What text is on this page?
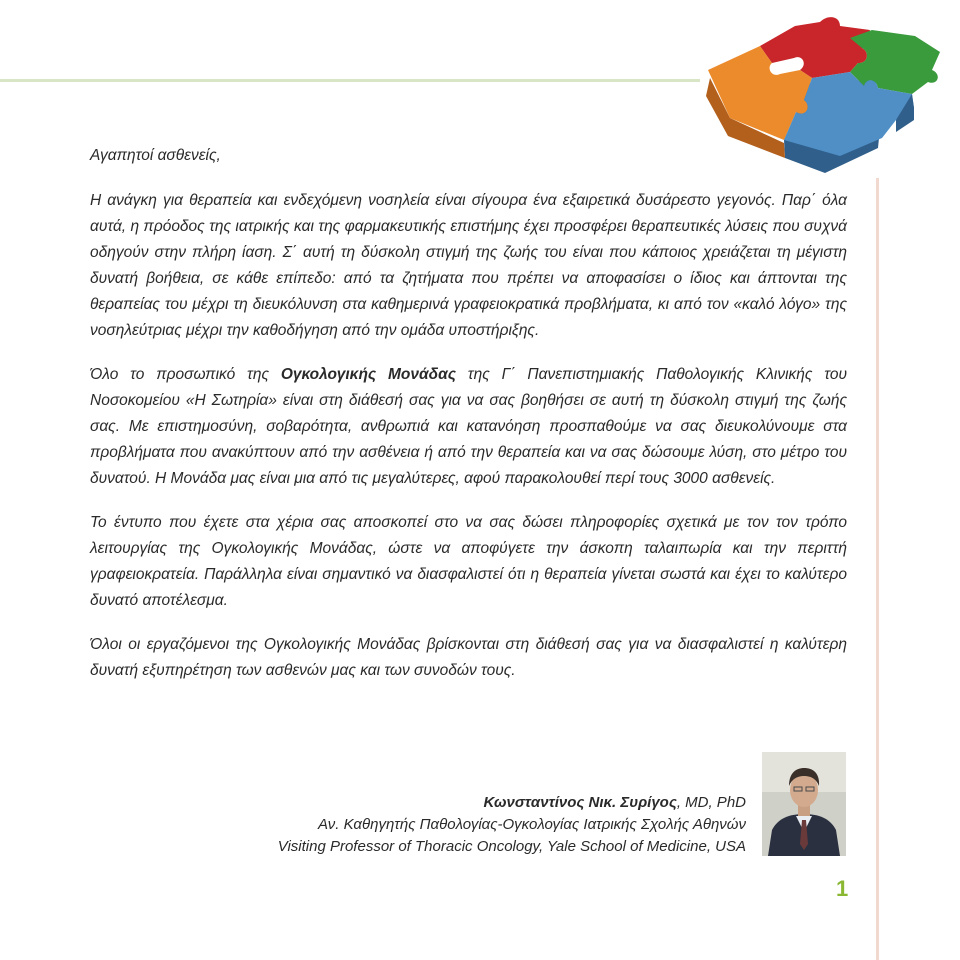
Αγαπητοί ασθενείς,

Η ανάγκη για θεραπεία και ενδεχόμενη νοσηλεία είναι σίγουρα ένα εξαιρετικά δυσάρεστο γεγονός. Παρ΄ όλα αυτά, η πρόοδος της ιατρικής και της φαρμακευτικής επιστήμης έχει προσφέρει θεραπευτικές λύσεις που συχνά οδηγούν στην πλήρη ίαση. Σ΄ αυτή τη δύσκολη στιγμή της ζωής του είναι που κάποιος χρειάζεται τη μέγιστη δυνατή βοήθεια, σε κάθε επίπεδο: από τα ζητήματα που πρέπει να αποφασίσει ο ίδιος και άπτονται της θεραπείας του μέχρι τη διευκόλυνση στα καθημερινά γραφειοκρατικά προβλήματα, κι από τον «καλό λόγο» της νοσηλεύτριας μέχρι την καθοδήγηση από την ομάδα υποστήριξης.

Όλο το προσωπικό της Ογκολογικής Μονάδας της Γ΄ Πανεπιστημιακής Παθολογικής Κλινικής του Νοσοκομείου «Η Σωτηρία» είναι στη διάθεσή σας για να σας βοηθήσει σε αυτή τη δύσκολη στιγμή της ζωής σας. Με επιστημοσύνη, σοβαρότητα, ανθρωπιά και κατανόηση προσπαθούμε να σας διευκολύνουμε στα προβλήματα που ανακύπτουν από την ασθένεια ή από την θεραπεία και να σας δώσουμε λύση, στο μέτρο του δυνατού. Η Μονάδα μας είναι μια από τις μεγαλύτερες, αφού παρακολουθεί περί τους 3000 ασθενείς.

Το έντυπο που έχετε στα χέρια σας αποσκοπεί στο να σας δώσει πληροφορίες σχετικά με τον τον τρόπο λειτουργίας της Ογκολογικής Μονάδας, ώστε να αποφύγετε την άσκοπη ταλαιπωρία και την περιττή γραφειοκρατεία. Παράλληλα είναι σημαντικό να διασφαλιστεί ότι η θεραπεία γίνεται σωστά και έχει το καλύτερο δυνατό αποτέλεσμα.

Όλοι οι εργαζόμενοι της Ογκολογικής Μονάδας βρίσκονται στη διάθεσή σας για να διασφαλιστεί η καλύτερη δυνατή εξυπηρέτηση των ασθενών μας και των συνοδών τους.

Κωνσταντίνος Νικ. Συρίγος, MD, PhD
Αν. Καθηγητής Παθολογίας-Ογκολογίας Ιατρικής Σχολής Αθηνών
Visiting Professor of Thoracic Oncology, Yale School of Medicine, USA
1
